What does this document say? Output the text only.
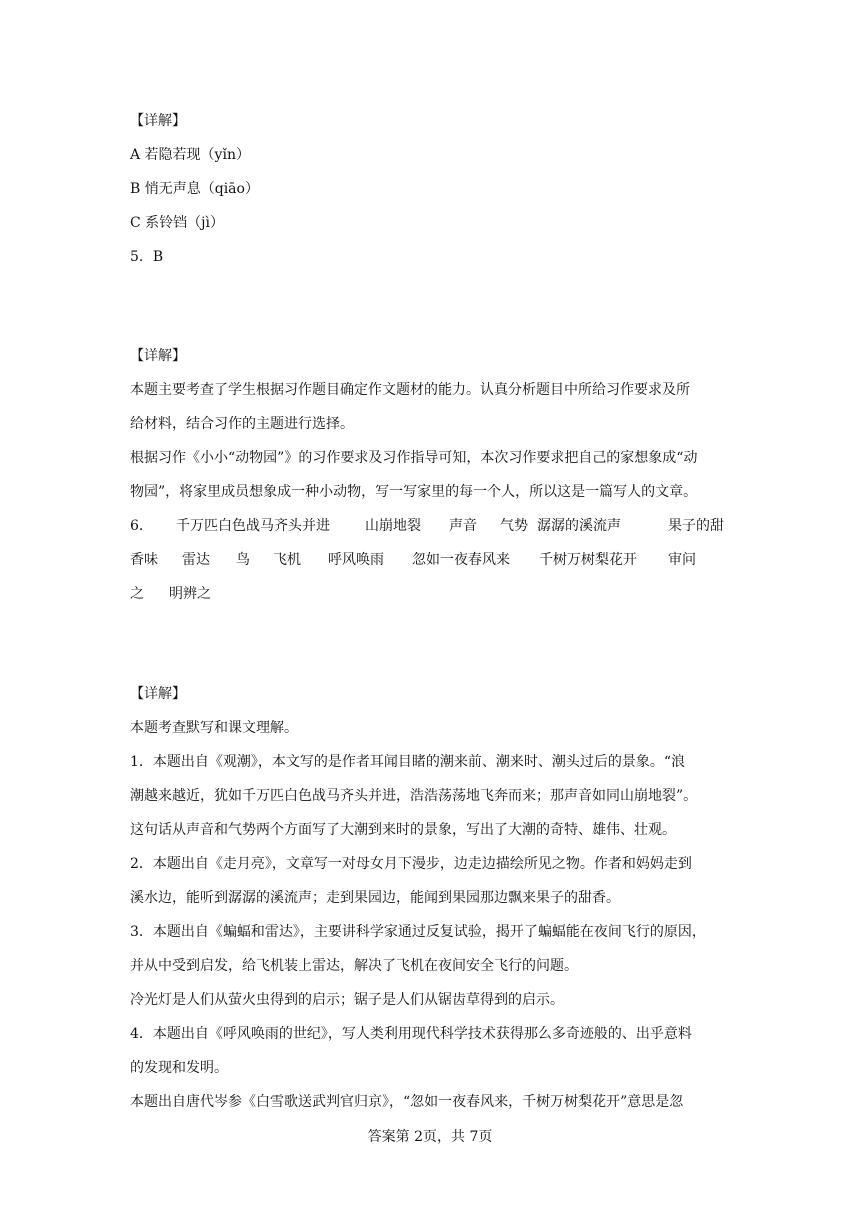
【详解】
A 若隐若现（yǐn）
B 悄无声息（qiāo）
C 系铃铛（jì）
5．B
【详解】
本题主要考查了学生根据习作题目确定作文题材的能力。认真分析题目中所给习作要求及所
给材料，结合习作的主题进行选择。
根据习作《小小“动物园”》的习作要求及习作指导可知，本次习作要求把自己的家想象成“动
物园”，将家里成员想象成一种小动物，写一写家里的每一个人，所以这是一篇写人的文章。
6． 千万匹白色战马齐头并进	山崩地裂 声音 气势 潺潺的溪流声	果子的甜
香味 雷达 鸟 飞机 呼风唤雨 忽如一夜春风来 千树万树梨花开 审问
之 明辨之
【详解】
本题考查默写和课文理解。
1．本题出自《观潮》，本文写的是作者耳闻目睹的潮来前、潮来时、潮头过后的景象。“浪
潮越来越近，犹如千万匹白色战马齐头并进，浩浩荡荡地飞奔而来；那声音如同山崩地裂”。
这句话从声音和气势两个方面写了大潮到来时的景象，写出了大潮的奇特、雄伟、壮观。
2．本题出自《走月亮》，文章写一对母女月下漫步，边走边描绘所见之物。作者和妈妈走到
溪水边，能听到潺潺的溪流声；走到果园边，能闻到果园那边飘来果子的甜香。
3．本题出自《蝙蝠和雷达》，主要讲科学家通过反复试验，揭开了蝙蝠能在夜间飞行的原因，
并从中受到启发，给飞机装上雷达，解决了飞机在夜间安全飞行的问题。
冷光灯是人们从萤火虫得到的启示；锯子是人们从锯齿草得到的启示。
4．本题出自《呼风唤雨的世纪》，写人类利用现代科学技术获得那么多奇迹般的、出乎意料
的发现和发明。
本题出自唐代岑参《白雪歌送武判官归京》，“忽如一夜春风来，千树万树梨花开”意思是忽
答案第 2页，共 7页
